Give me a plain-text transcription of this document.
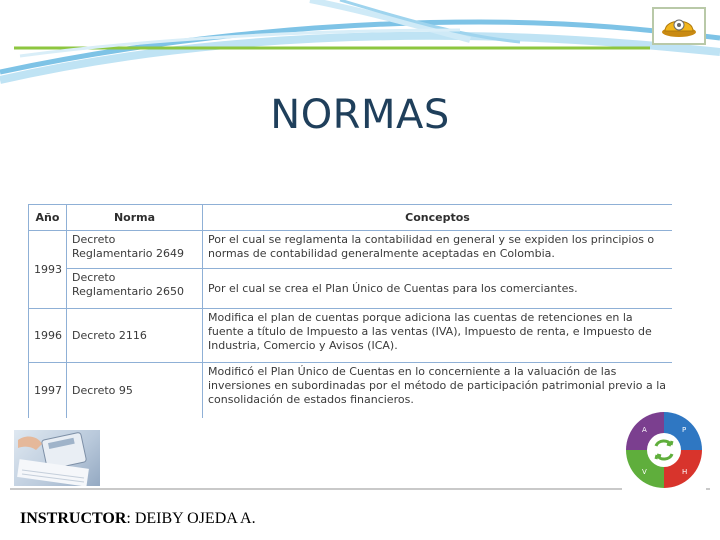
NORMAS
Año	Norma	Conceptos
1993	Decreto Reglamentario 2649	Por el cual se reglamenta la contabilidad en general y se expiden los principios o normas de contabilidad generalmente aceptadas en Colombia.
	Decreto Reglamentario 2650	Por el cual se crea el Plan Único de Cuentas para los comerciantes.
1996	Decreto 2116	Modifica el plan de cuentas porque adiciona las cuentas de retenciones en la fuente a título de Impuesto a las ventas (IVA), Impuesto de renta, e Impuesto de Industria, Comercio y Avisos (ICA).
1997	Decreto 95	Modificó el Plan Único de Cuentas en lo concerniente a la valuación de las inversiones en subordinadas por el método de participación patrimonial previo a la consolidación de estados financieros.
A	P
V	H
INSTRUCTOR: DEIBY OJEDA A.
